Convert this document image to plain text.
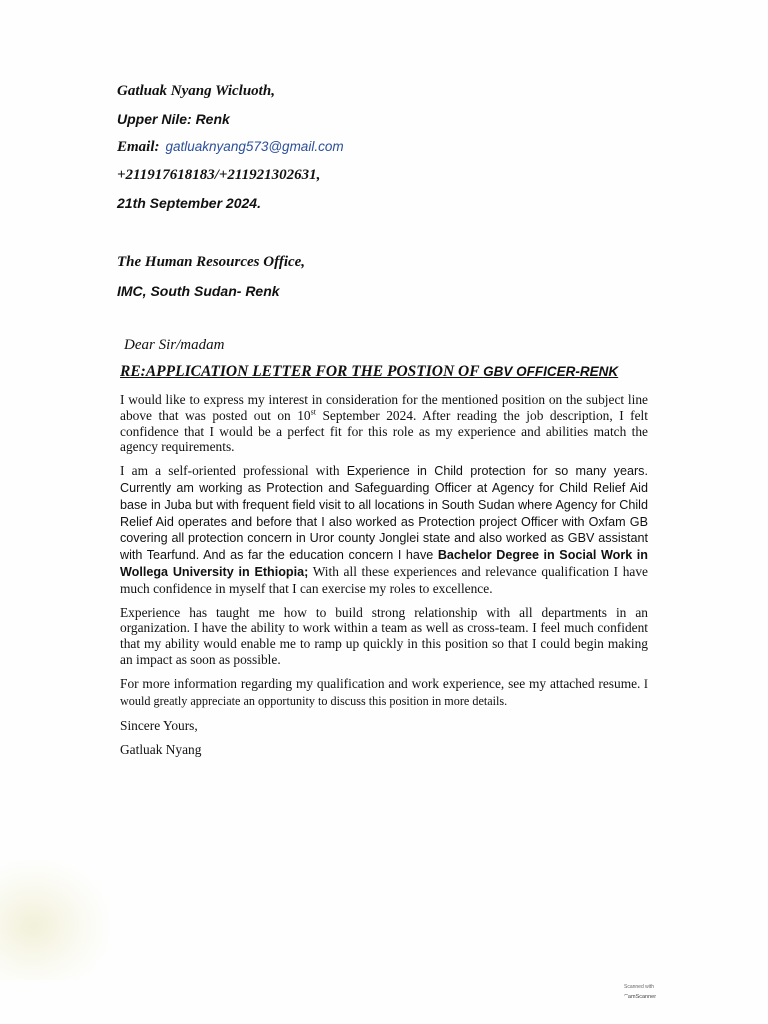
Gatluak Nyang Wicluoth,
Upper Nile: Renk
Email: gatluaknyang573@gmail.com
+211917618183/+211921302631,
21th September 2024.
The Human Resources Office,
IMC, South Sudan- Renk
Dear Sir/madam
RE:APPLICATION LETTER FOR THE POSTION OF GBV OFFICER-RENK

I would like to express my interest in consideration for the mentioned position on the subject line above that was posted out on 10st September 2024. After reading the job description, I felt confidence that I would be a perfect fit for this role as my experience and abilities match the agency requirements.

I am a self-oriented professional with Experience in Child protection for so many years. Currently am working as Protection and Safeguarding Officer at Agency for Child Relief Aid base in Juba but with frequent field visit to all locations in South Sudan where Agency for Child Relief Aid operates and before that I also worked as Protection project Officer with Oxfam GB covering all protection concern in Uror county Jonglei state and also worked as GBV assistant with Tearfund. And as far the education concern I have Bachelor Degree in Social Work in Wollega University in Ethiopia; With all these experiences and relevance qualification I have much confidence in myself that I can exercise my roles to excellence.

Experience has taught me how to build strong relationship with all departments in an organization. I have the ability to work within a team as well as cross-team. I feel much confident that my ability would enable me to ramp up quickly in this position so that I could begin making an impact as soon as possible.

For more information regarding my qualification and work experience, see my attached resume. I would greatly appreciate an opportunity to discuss this position in more details.

Sincere Yours,

Gatluak Nyang

Scanned with
CamScanner
